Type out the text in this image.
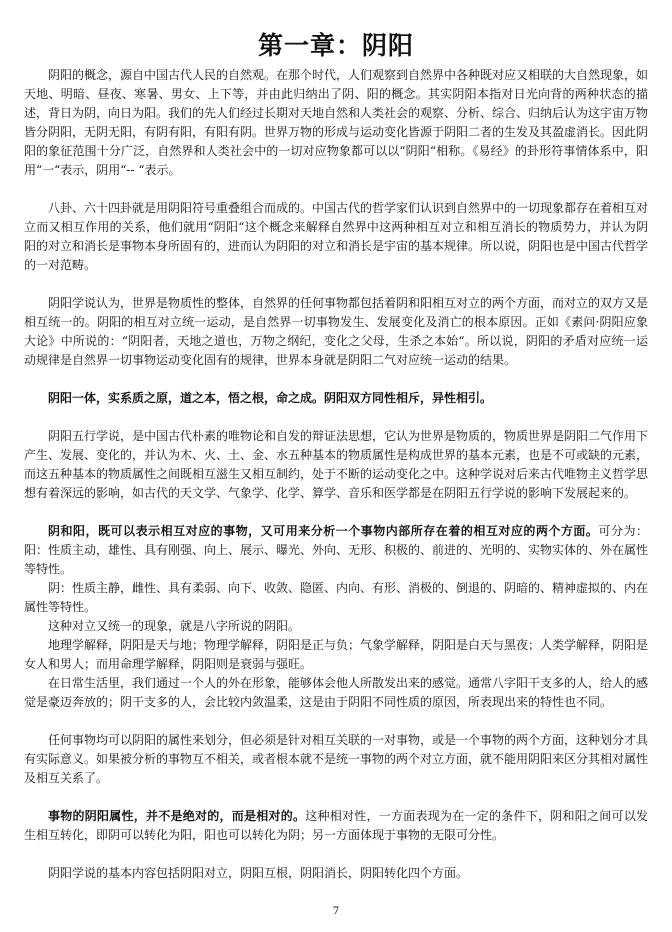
第一章：阴阳

阴阳的概念，源自中国古代人民的自然观。在那个时代，人们观察到自然界中各种既对应又相联的大自然现象，如天地、明暗、昼夜、寒暑、男女、上下等，并由此归纳出了阴、阳的概念。其实阴阳本指对日光向背的两种状态的描述，背日为阴，向日为阳。我们的先人们经过长期对天地自然和人类社会的观察、分析、综合、归纳后认为这宇宙万物皆分阴阳，无阴无阳，有阴有阳，有阳有阴。世界万物的形成与运动变化皆源于阴阳二者的生发及其盈虚消长。因此阴阳的象征范围十分广泛，自然界和人类社会中的一切对应物象都可以以“阴阳“相称。《易经》的卦形符事情体系中，阳用“一“表示，阴用“-- “表示。

八卦、六十四卦就是用阴阳符号重叠组合而成的。中国古代的哲学家们认识到自然界中的一切现象都存在着相互对立而又相互作用的关系，他们就用“阴阳“这个概念来解释自然界中这两种相互对立和相互消长的物质势力，并认为阴阳的对立和消长是事物本身所固有的，进而认为阴阳的对立和消长是宇宙的基本规律。所以说，阴阳也是中国古代哲学的一对范畴。

阴阳学说认为，世界是物质性的整体，自然界的任何事物都包括着阴和阳相互对立的两个方面，而对立的双方又是相互统一的。阴阳的相互对立统一运动，是自然界一切事物发生、发展变化及消亡的根本原因。正如《素问·阴阳应象大论》中所说的：“阴阳者，天地之道也，万物之纲纪，变化之父母，生杀之本始“。所以说，阴阳的矛盾对应统一运动规律是自然界一切事物运动变化固有的规律，世界本身就是阴阳二气对应统一运动的结果。

阴阳一体，实系质之原，道之本，悟之根，命之成。阴阳双方同性相斥，异性相引。

阴阳五行学说，是中国古代朴素的唯物论和自发的辩证法思想，它认为世界是物质的，物质世界是阴阳二气作用下产生、发展、变化的，并认为木、火、土、金、水五种基本的物质属性是构成世界的基本元素，也是不可或缺的元素，而这五种基本的物质属性之间既相互滋生又相互制约，处于不断的运动变化之中。这种学说对后来古代唯物主义哲学思想有着深远的影响，如古代的天文学、气象学、化学、算学、音乐和医学都是在阴阳五行学说的影响下发展起来的。

阴和阳，既可以表示相互对应的事物，又可用来分析一个事物内部所存在着的相互对应的两个方面。可分为：阳：性质主动，雄性、具有刚强、向上、展示、曝光、外向、无形、积极的、前进的、光明的、实物实体的、外在属性等特性。

阴：性质主静，雌性、具有柔弱、向下、收敛、隐匿、内向、有形、消极的、倒退的、阴暗的、精神虚拟的、内在属性等特性。

这种对立又统一的现象，就是八字所说的阴阳。

地理学解释，阴阳是天与地；物理学解释，阴阳是正与负；气象学解释，阴阳是白天与黑夜；人类学解释，阴阳是女人和男人；而用命理学解释，阴阳则是衰弱与强旺。

在日常生活里，我们通过一个人的外在形象，能够体会他人所散发出来的感觉。通常八字阳干支多的人，给人的感觉是豪迈奔放的；阴干支多的人，会比较内敛温柔，这是由于阴阳不同性质的原因，所表现出来的特性也不同。

任何事物均可以阴阳的属性来划分，但必须是针对相互关联的一对事物，或是一个事物的两个方面，这种划分才具有实际意义。如果被分析的事物互不相关，或者根本就不是统一事物的两个对立方面，就不能用阴阳来区分其相对属性及相互关系了。

事物的阴阳属性，并不是绝对的，而是相对的。这种相对性，一方面表现为在一定的条件下，阴和阳之间可以发生相互转化，即阴可以转化为阳，阳也可以转化为阴；另一方面体现于事物的无限可分性。

阴阳学说的基本内容包括阴阳对立，阴阳互根，阴阳消长，阴阳转化四个方面。

7
